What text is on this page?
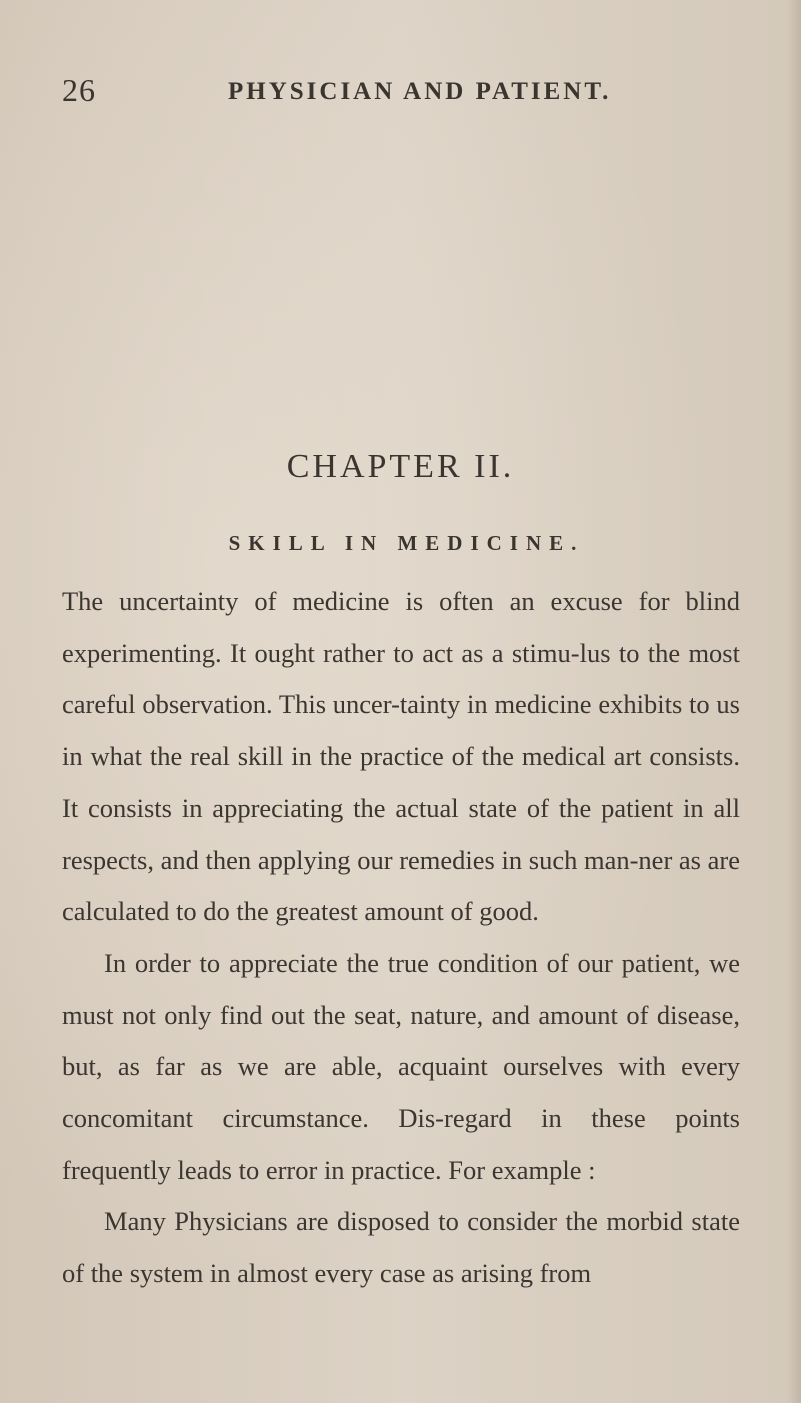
26	PHYSICIAN AND PATIENT.
CHAPTER II.
SKILL IN MEDICINE.

The uncertainty of medicine is often an excuse for blind experimenting. It ought rather to act as a stimu-lus to the most careful observation. This uncer-tainty in medicine exhibits to us in what the real skill in the practice of the medical art consists. It consists in appreciating the actual state of the patient in all respects, and then applying our remedies in such man-ner as are calculated to do the greatest amount of good.

In order to appreciate the true condition of our patient, we must not only find out the seat, nature, and amount of disease, but, as far as we are able, acquaint ourselves with every concomitant circumstance. Dis-regard in these points frequently leads to error in practice. For example :

Many Physicians are disposed to consider the morbid state of the system in almost every case as arising from
